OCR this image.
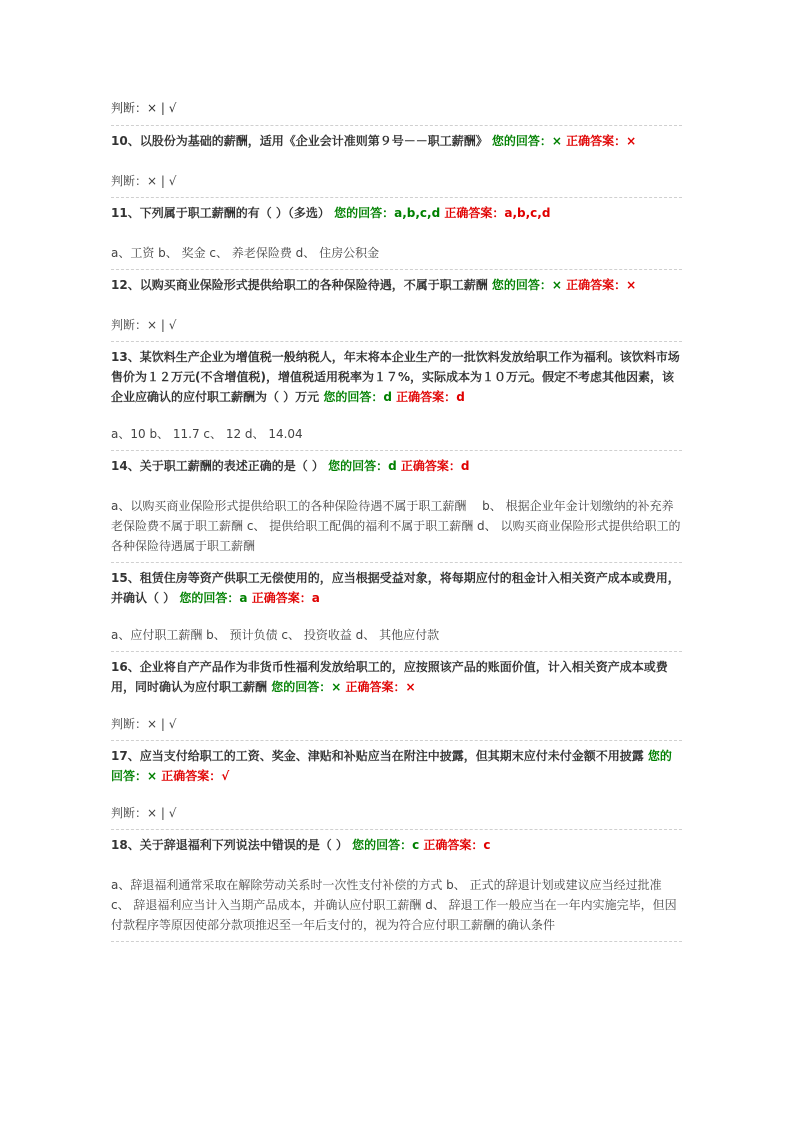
判断：× | √
10、以股份为基础的薪酬，适用《企业会计准则第９号－－职工薪酬》 您的回答：× 正确答案：×
判断：× | √
11、下列属于职工薪酬的有（ ）（多选） 您的回答：a,b,c,d 正确答案：a,b,c,d
a、工资 b、 奖金 c、 养老保险费 d、 住房公积金
12、以购买商业保险形式提供给职工的各种保险待遇，不属于职工薪酬 您的回答：× 正确答案：×
判断：× | √
13、某饮料生产企业为增值税一般纳税人，年末将本企业生产的一批饮料发放给职工作为福利。该饮料市场售价为１２万元(不含增值税)，增值税适用税率为１７%，实际成本为１０万元。假定不考虑其他因素，该企业应确认的应付职工薪酬为（ ）万元 您的回答：d 正确答案：d
a、10 b、 11.7 c、 12 d、 14.04
14、关于职工薪酬的表述正确的是（ ） 您的回答：d 正确答案：d
a、以购买商业保险形式提供给职工的各种保险待遇不属于职工薪酬　 b、 根据企业年金计划缴纳的补充养老保险费不属于职工薪酬 c、 提供给职工配偶的福利不属于职工薪酬 d、 以购买商业保险形式提供给职工的各种保险待遇属于职工薪酬
15、租赁住房等资产供职工无偿使用的，应当根据受益对象，将每期应付的租金计入相关资产成本或费用，并确认（ ） 您的回答：a 正确答案：a
a、应付职工薪酬 b、 预计负债 c、 投资收益 d、 其他应付款
16、企业将自产产品作为非货币性福利发放给职工的，应按照该产品的账面价值，计入相关资产成本或费用，同时确认为应付职工薪酬 您的回答：× 正确答案：×
判断：× | √
17、应当支付给职工的工资、奖金、津贴和补贴应当在附注中披露，但其期末应付未付金额不用披露 您的回答：× 正确答案：√
判断：× | √
18、关于辞退福利下列说法中错误的是（ ） 您的回答：c 正确答案：c
a、辞退福利通常采取在解除劳动关系时一次性支付补偿的方式 b、 正式的辞退计划或建议应当经过批准 c、 辞退福利应当计入当期产品成本，并确认应付职工薪酬 d、 辞退工作一般应当在一年内实施完毕，但因付款程序等原因使部分款项推迟至一年后支付的，视为符合应付职工薪酬的确认条件
